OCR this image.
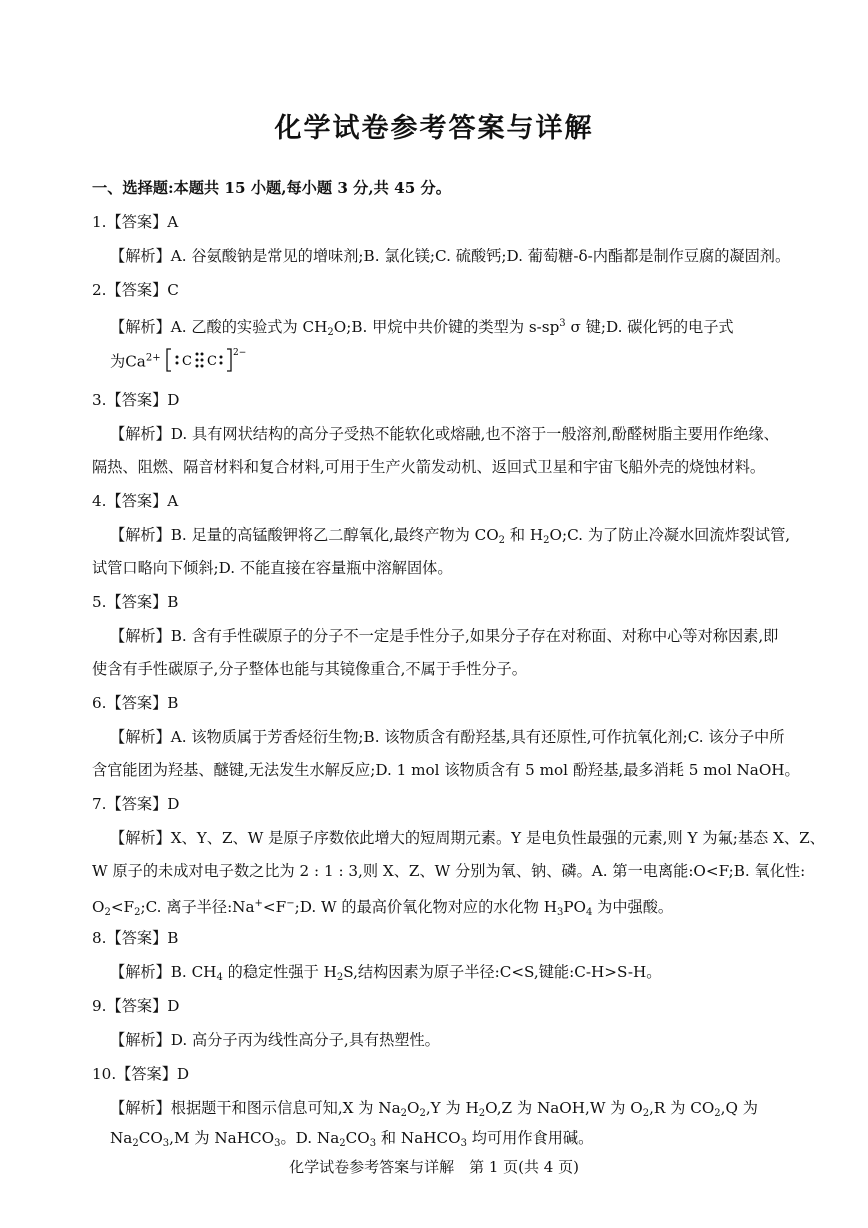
化学试卷参考答案与详解
一、选择题:本题共 15 小题,每小题 3 分,共 45 分。
1.【答案】A
【解析】A. 谷氨酸钠是常见的增味剂;B. 氯化镁;C. 硫酸钙;D. 葡萄糖-δ-内酯都是制作豆腐的凝固剂。
2.【答案】C
【解析】A. 乙酸的实验式为 $CH_2O;B$. 甲烷中共价键的类型为 $s-sp^3$ σ 键;D. 碳化钙的电子式
为$Ca^{2+}$ C C
2−
3.【答案】D
【解析】D. 具有网状结构的高分子受热不能软化或熔融,也不溶于一般溶剂,酚醛树脂主要用作绝缘、
隔热、阻燃、隔音材料和复合材料,可用于生产火箭发动机、返回式卫星和宇宙飞船外壳的烧蚀材料。
4.【答案】A
【解析】B. 足量的高锰酸钾将乙二醇氧化,最终产物为 $CO_2$ 和 $H_2O;C$. 为了防止冷凝水回流炸裂试管,
试管口略向下倾斜;D. 不能直接在容量瓶中溶解固体。
5.【答案】B
【解析】B. 含有手性碳原子的分子不一定是手性分子,如果分子存在对称面、对称中心等对称因素,即
使含有手性碳原子,分子整体也能与其镜像重合,不属于手性分子。
6.【答案】B
【解析】A. 该物质属于芳香烃衍生物;B. 该物质含有酚羟基,具有还原性,可作抗氧化剂;C. 该分子中所
含官能团为羟基、醚键,无法发生水解反应;D. 1 mol 该物质含有 5 mol 酚羟基,最多消耗 5 mol NaOH。
7.【答案】D
【解析】X、Y、Z、W 是原子序数依此增大的短周期元素。Y 是电负性最强的元素,则 Y 为氟;基态 X、Z、
W 原子的未成对电子数之比为 2 : 1 : 3,则 X、Z、W 分别为氧、钠、磷。A. 第一电离能:O<F;B. 氧化性:
$O_2<F_2;C$. 离子半径:Na+<F−;D. W 的最高价氧化物对应的水化物 $H_3PO_4$ 为中强酸。
8.【答案】B
【解析】B. $CH_4$ 的稳定性强于 $H_2S$,结构因素为原子半径:C<S,键能:C-H>S-H。
9.【答案】D
【解析】D. 高分子丙为线性高分子,具有热塑性。
10.【答案】D
【解析】根据题干和图示信息可知,X 为 $Na_2O_2,Y$ 为 $H_2O,Z$ 为 NaOH,W 为 $O_2,R$ 为 $CO_2,Q$ 为
$Na_2CO_3,M$ 为 NaHCO$_3$。D. $Na_2CO_3$ 和 NaHCO$_3$ 均可用作食用碱。
化学试卷参考答案与详解　第 1 页(共 4 页)
